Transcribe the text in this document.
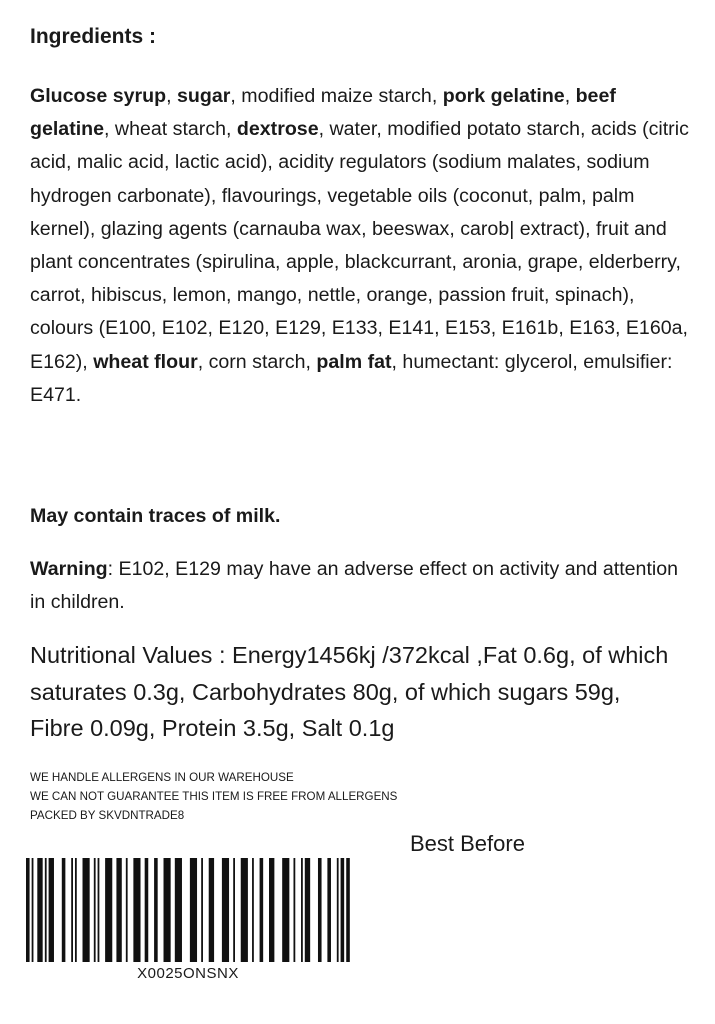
Ingredients :

Glucose syrup, sugar, modified maize starch, pork gelatine, beef gelatine, wheat starch, dextrose, water, modified potato starch, acids (citric acid, malic acid, lactic acid), acidity regulators (sodium malates, sodium hydrogen carbonate), flavourings, vegetable oils (coconut, palm, palm kernel), glazing agents (carnauba wax, beeswax, carob| extract), fruit and plant concentrates (spirulina, apple, blackcurrant, aronia, grape, elderberry, carrot, hibiscus, lemon, mango, nettle, orange, passion fruit, spinach), colours (E100, E102, E120, E129, E133, E141, E153, E161b, E163, E160a, E162), wheat flour, corn starch, palm fat, humectant: glycerol, emulsifier: E471.

May contain traces of milk.

Warning: E102, E129 may have an adverse effect on activity and attention in children.

Nutritional Values : Energy1456kj /372kcal ,Fat 0.6g, of which saturates 0.3g, Carbohydrates 80g, of which sugars 59g, Fibre 0.09g, Protein 3.5g, Salt 0.1g

WE HANDLE ALLERGENS IN OUR WAREHOUSE
WE CAN NOT GUARANTEE THIS ITEM IS FREE FROM ALLERGENS
PACKED BY SKVDNTRADE8
Best Before
X0025ONSNX
